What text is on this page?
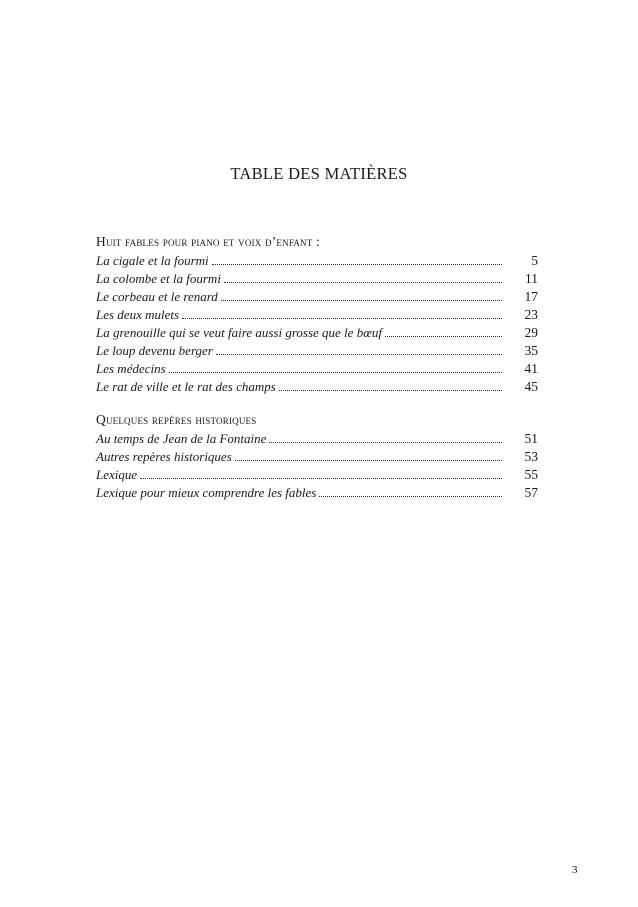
TABLE DES MATIÈRES
Huit fables pour piano et voix d’enfant :
La cigale et la fourmi	5
La colombe et la fourmi	11
Le corbeau et le renard	17
Les deux mulets	23
La grenouille qui se veut faire aussi grosse que le bœuf	29
Le loup devenu berger	35
Les médecins	41
Le rat de ville et le rat des champs	45
Quelques repères historiques
Au temps de Jean de la Fontaine	51
Autres repères historiques	53
Lexique	55
Lexique pour mieux comprendre les fables	57
3
